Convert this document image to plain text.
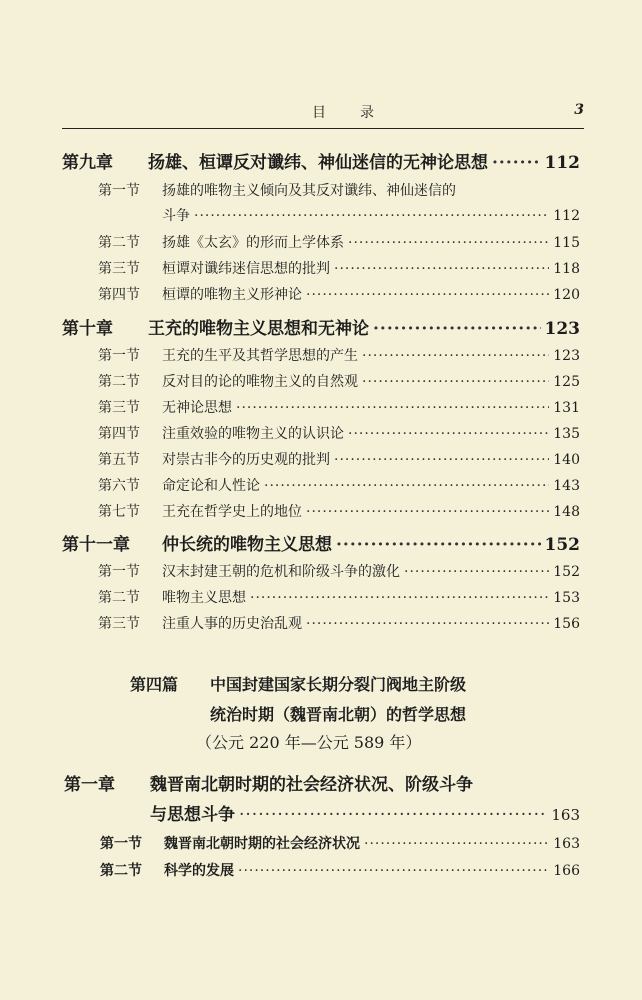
目 录	3
第九章	扬雄、桓谭反对谶纬、神仙迷信的无神论思想 ·····	112
第一节	扬雄的唯物主义倾向及其反对谶纬、神仙迷信的
斗争 ·····	112
第二节	扬雄《太玄》的形而上学体系 ·····	115
第三节	桓谭对谶纬迷信思想的批判 ·····	118
第四节	桓谭的唯物主义形神论 ·····	120
第十章	王充的唯物主义思想和无神论 ·····	123
第一节	王充的生平及其哲学思想的产生 ·····	123
第二节	反对目的论的唯物主义的自然观 ·····	125
第三节	无神论思想 ·····	131
第四节	注重效验的唯物主义的认识论 ·····	135
第五节	对崇古非今的历史观的批判 ·····	140
第六节	命定论和人性论 ·····	143
第七节	王充在哲学史上的地位 ·····	148
第十一章	仲长统的唯物主义思想 ·····	152
第一节	汉末封建王朝的危机和阶级斗争的激化 ·····	152
第二节	唯物主义思想 ·····	153
第三节	注重人事的历史治乱观 ·····	156
第四篇 中国封建国家长期分裂门阀地主阶级
统治时期（魏晋南北朝）的哲学思想
（公元 220 年—公元 589 年）
第一章	魏晋南北朝时期的社会经济状况、阶级斗争
与思想斗争 ·····	163
第一节	魏晋南北朝时期的社会经济状况 ·····	163
第二节	科学的发展 ·····	166
